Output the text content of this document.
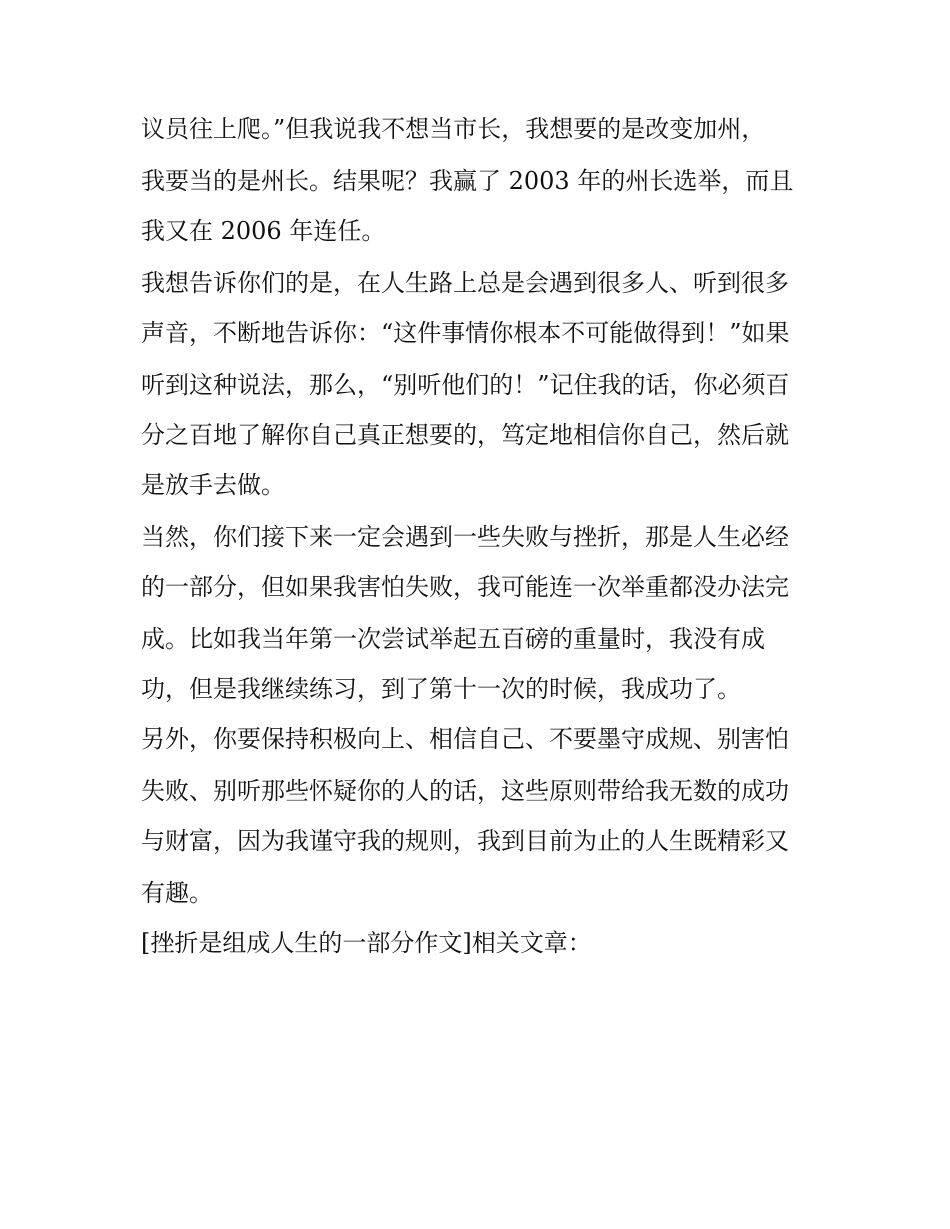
议员往上爬。”但我说我不想当市长，我想要的是改变加州，
我要当的是州长。结果呢？我赢了 2003 年的州长选举，而且
我又在 2006 年连任。
我想告诉你们的是，在人生路上总是会遇到很多人、听到很多
声音，不断地告诉你：“这件事情你根本不可能做得到！”如果
听到这种说法，那么，“别听他们的！”记住我的话，你必须百
分之百地了解你自己真正想要的，笃定地相信你自己，然后就
是放手去做。
当然，你们接下来一定会遇到一些失败与挫折，那是人生必经
的一部分，但如果我害怕失败，我可能连一次举重都没办法完
成。比如我当年第一次尝试举起五百磅的重量时，我没有成
功，但是我继续练习，到了第十一次的时候，我成功了。
另外，你要保持积极向上、相信自己、不要墨守成规、别害怕
失败、别听那些怀疑你的人的话，这些原则带给我无数的成功
与财富，因为我谨守我的规则，我到目前为止的人生既精彩又
有趣。
[挫折是组成人生的一部分作文]相关文章：
